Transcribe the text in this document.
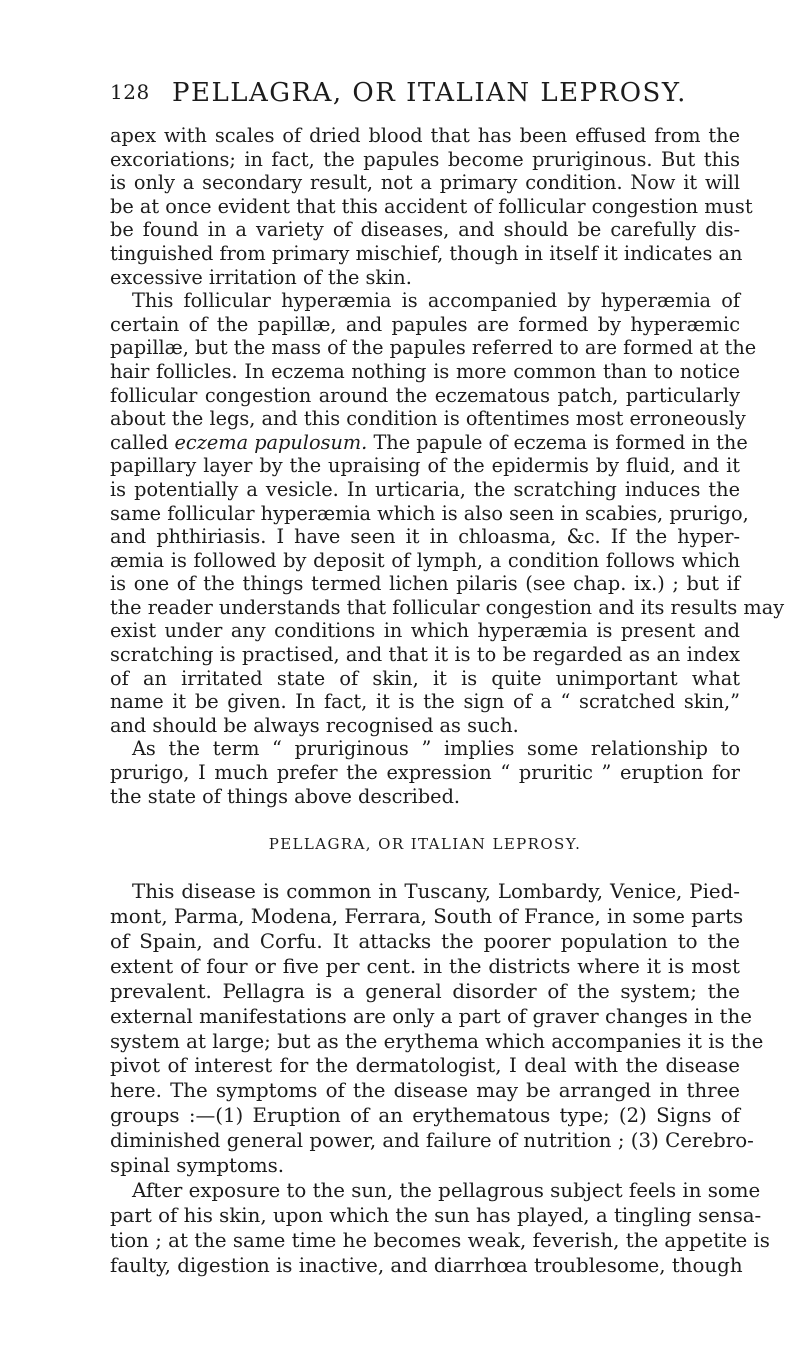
128 PELLAGRA, OR ITALIAN LEPROSY.
apex with scales of dried blood that has been effused from the
excoriations; in fact, the papules become pruriginous. But this
is only a secondary result, not a primary condition. Now it will
be at once evident that this accident of follicular congestion must
be found in a variety of diseases, and should be carefully dis-
tinguished from primary mischief, though in itself it indicates an
excessive irritation of the skin.
This follicular hyperæmia is accompanied by hyperæmia of
certain of the papillæ, and papules are formed by hyperæmic
papillæ, but the mass of the papules referred to are formed at the
hair follicles. In eczema nothing is more common than to notice
follicular congestion around the eczematous patch, particularly
about the legs, and this condition is oftentimes most erroneously
called eczema papulosum. The papule of eczema is formed in the
papillary layer by the upraising of the epidermis by fluid, and it
is potentially a vesicle. In urticaria, the scratching induces the
same follicular hyperæmia which is also seen in scabies, prurigo,
and phthiriasis. I have seen it in chloasma, &c. If the hyper-
æmia is followed by deposit of lymph, a condition follows which
is one of the things termed lichen pilaris (see chap. ix.) ; but if
the reader understands that follicular congestion and its results may
exist under any conditions in which hyperæmia is present and
scratching is practised, and that it is to be regarded as an index
of an irritated state of skin, it is quite unimportant what
name it be given. In fact, it is the sign of a “ scratched skin,”
and should be always recognised as such.
As the term “ pruriginous ” implies some relationship to
prurigo, I much prefer the expression “ pruritic ” eruption for
the state of things above described.
PELLAGRA, OR ITALIAN LEPROSY.
This disease is common in Tuscany, Lombardy, Venice, Pied-
mont, Parma, Modena, Ferrara, South of France, in some parts
of Spain, and Corfu. It attacks the poorer population to the
extent of four or five per cent. in the districts where it is most
prevalent. Pellagra is a general disorder of the system; the
external manifestations are only a part of graver changes in the
system at large; but as the erythema which accompanies it is the
pivot of interest for the dermatologist, I deal with the disease
here. The symptoms of the disease may be arranged in three
groups :—(1) Eruption of an erythematous type; (2) Signs of
diminished general power, and failure of nutrition ; (3) Cerebro-
spinal symptoms.
After exposure to the sun, the pellagrous subject feels in some
part of his skin, upon which the sun has played, a tingling sensa-
tion ; at the same time he becomes weak, feverish, the appetite is
faulty, digestion is inactive, and diarrhœa troublesome, though
